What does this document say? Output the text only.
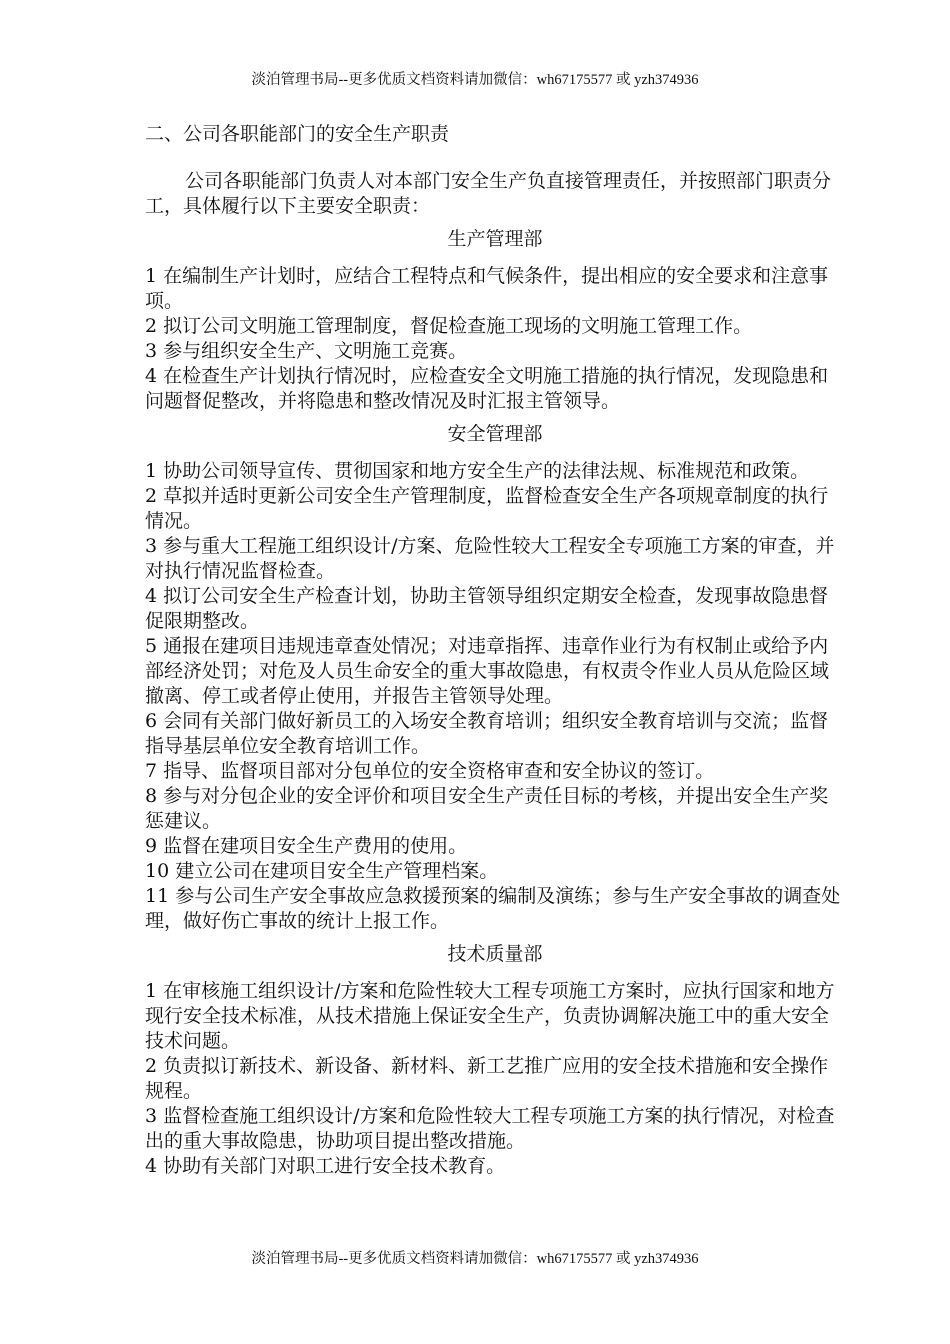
淡泊管理书局--更多优质文档资料请加微信：wh67175577 或 yzh374936

二、公司各职能部门的安全生产职责

公司各职能部门负责人对本部门安全生产负直接管理责任，并按照部门职责分工，具体履行以下主要安全职责：

生产管理部

1 在编制生产计划时，应结合工程特点和气候条件，提出相应的安全要求和注意事项。

2 拟订公司文明施工管理制度，督促检查施工现场的文明施工管理工作。

3 参与组织安全生产、文明施工竞赛。

4 在检查生产计划执行情况时，应检查安全文明施工措施的执行情况，发现隐患和问题督促整改，并将隐患和整改情况及时汇报主管领导。

安全管理部

1 协助公司领导宣传、贯彻国家和地方安全生产的法律法规、标准规范和政策。

2 草拟并适时更新公司安全生产管理制度，监督检查安全生产各项规章制度的执行情况。

3 参与重大工程施工组织设计/方案、危险性较大工程安全专项施工方案的审查，并对执行情况监督检查。

4 拟订公司安全生产检查计划，协助主管领导组织定期安全检查，发现事故隐患督促限期整改。

5 通报在建项目违规违章查处情况；对违章指挥、违章作业行为有权制止或给予内部经济处罚；对危及人员生命安全的重大事故隐患，有权责令作业人员从危险区域撤离、停工或者停止使用，并报告主管领导处理。

6 会同有关部门做好新员工的入场安全教育培训；组织安全教育培训与交流；监督指导基层单位安全教育培训工作。

7 指导、监督项目部对分包单位的安全资格审查和安全协议的签订。

8 参与对分包企业的安全评价和项目安全生产责任目标的考核，并提出安全生产奖惩建议。

9 监督在建项目安全生产费用的使用。

10 建立公司在建项目安全生产管理档案。

11 参与公司生产安全事故应急救援预案的编制及演练；参与生产安全事故的调查处理，做好伤亡事故的统计上报工作。

技术质量部

1 在审核施工组织设计/方案和危险性较大工程专项施工方案时，应执行国家和地方现行安全技术标准，从技术措施上保证安全生产，负责协调解决施工中的重大安全技术问题。

2 负责拟订新技术、新设备、新材料、新工艺推广应用的安全技术措施和安全操作规程。

3 监督检查施工组织设计/方案和危险性较大工程专项施工方案的执行情况，对检查出的重大事故隐患，协助项目提出整改措施。

4 协助有关部门对职工进行安全技术教育。

淡泊管理书局--更多优质文档资料请加微信：wh67175577 或 yzh374936
